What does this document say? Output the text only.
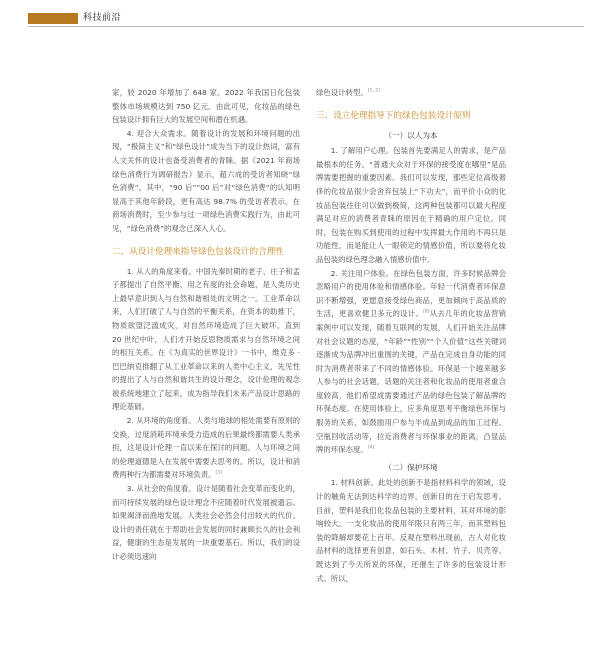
科技前沿

家，较 2020 年增加了 648 家。2022 年我国日化包装整体市场规模达到 750 亿元。由此可见，化妆品的绿色包装设计拥有巨大的发展空间和潜在机遇。

4. 迎合大众需求。随着设计的发展和环境问题的出现，“极简主义”和“绿色设计”成为当下的设计热词，富有人文关怀的设计也备受消费者的青睐。据《2021 年商场绿色消费行为调研报告》显示，超六成的受访者知晓“绿色消费”，其中，“90 后”“00 后”对“绿色消费”的认知明显高于其他年龄段，更有高达 98.7% 的受访者表示，在商场消费时，至少参与过一项绿色消费实践行为，由此可见，“绿色消费”的观念已深入人心。

二、从设计伦理来指导绿色包装设计的合理性

1. 从人的角度来看。中国先秦时期的老子、庄子和孟子都提出了自然平衡、用之有度的社会命题，是人类历史上最早意识到人与自然和谐相处的文明之一。工业革命以来，人们打破了人与自然的平衡关系，在资本的助推下，物质欲望泛滥成灾，对自然环境造成了巨大破坏。直到 20 世纪中叶，人们才开始反思物质需求与自然环境之间的相互关系。在《为真实的世界设计》一书中，维克多 · 巴巴纳克推翻了从工业革命以来的人类中心主义，先见性的提出了人与自然和谐共生的设计理念，设计伦理的观念被系统地建立了起来，成为指导我们未来产品设计思路的理论基础。

2. 从环境的角度看。人类与地球的相处需要有原则的交换，过度消耗环境承受力造成的后果最终都需要人类承担，这是设计伦理一直以来在探讨的问题。人与环境之间的伦理道德是人在发展中需要去思考的。所以，设计和消费两种行为都需要对环境负责。[3]

3. 从社会的角度看。设计是随着社会变革而变化的，而可持续发展的绿色设计理念不应随着时代发展被遗忘。如果竭泽而渔地发展，人类社会必然会付出较大的代价。设计的责任就在于帮助社会发展的同时兼顾长久的社会利益，健康的生态是发展的一块重要基石。所以，我们的设计必须迅速向

绿色设计转型。[1, 2]

三、设立伦理指导下的绿色包装设计原则

（一）以人为本

1. 了解用户心理。包装首先要满足人的需求，是产品最根本的任务。“普通大众对于环保的接受度在哪里”是品牌需要把握的重要因素。我们可以发现，那些定位高级奢侈的化妆品很少会舍弃包装上“下功夫”，而平价小众的化妆品包装往往可以做到极简，这两种包装都可以最大程度满足对应的消费者青睐的原因在于精确的用户定位。同时，包装在购买到使用的过程中发挥最大作用的不再只是功能性，而是能让人一眼锁定的情感价值，所以要将化妆品包装的绿色理念融入情感价值中。

2. 关注用户体验。在绿色包装方面，许多时候品牌会忽略用户的使用体验和情感体验。年轻一代消费者环保意识不断增强，更愿意接受绿色商品，更加倾向于高品质的生活，更喜欢健卫多元的设计。[8]从去几年的化妆品营销案例中可以发现，随着互联网的发展，人们开始关注品牌对社会议题的态度，“年龄”“性别”“个人价值”这些关键词逐渐成为品牌冲出重围的关键，产品在完成自身功能的同时为消费者带来了不同的情感体验。环保是一个越来越多人参与的社会话题，话题的关注者和化妆品的使用者重合度较高，他们希望成需要通过产品的绿色包装了解品牌的环保态度。在使用体验上，应多角度思考平衡绿色环保与服务的关系，如鼓励用户参与半成品到成品的加工过程、空瓶回收活动等，拉近消费者与环保事业的距离，凸显品牌的环保态度。[4]

（二）保护环境

1. 材料创新。此处的创新不是指材料科学的领域，设计的触角无法到达科学的边界，创新目的在于启发思考。目前，塑料是我们化妆品包装的主要材料，其对环境的影响较大。一支化妆品的使用年限只有两三年，而其塑料包装的降解却要花上百年。反观在塑料出现前，古人对化妆品材料的选择更有创意，如石头、木材、竹子、贝壳等。既达到了今天所说的环保，还催生了许多的包装设计形式。所以，
